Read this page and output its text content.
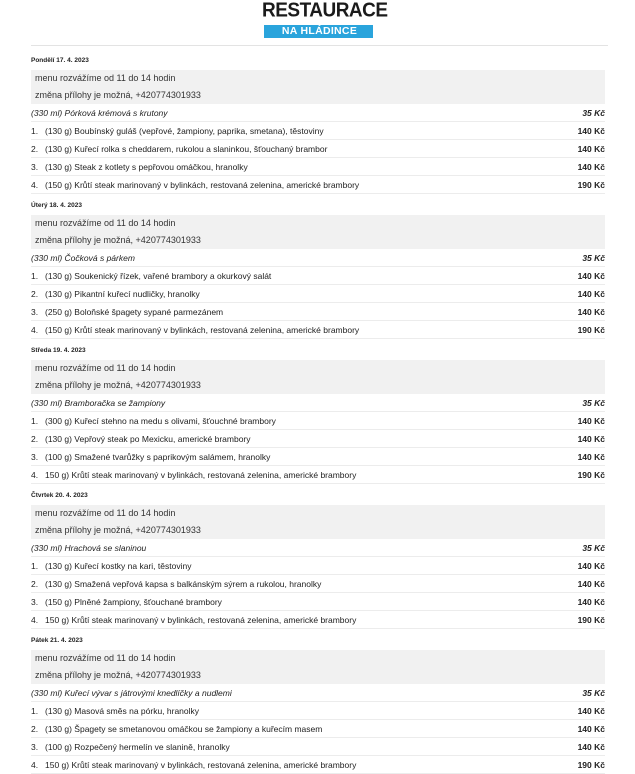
RESTAURACE
NA HLÁDINCE
Pondělí 17. 4. 2023
menu rozvážíme od 11 do 14 hodin
změna přílohy je možná, +420774301933
(330 ml) Pórková krémová s krutony	35 Kč
1. (130 g) Boubínský guláš (vepřové, žampiony, paprika, smetana), těstoviny	140 Kč
2. (130 g) Kuřecí rolka s cheddarem, rukolou a slaninkou, šťouchaný brambor	140 Kč
3. (130 g) Steak z kotlety s pepřovou omáčkou, hranolky	140 Kč
4. (150 g) Krůtí steak marinovaný v bylinkách, restovaná zelenina, americké brambory	190 Kč
Úterý 18. 4. 2023
menu rozvážíme od 11 do 14 hodin
změna přílohy je možná, +420774301933
(330 ml) Čočková s párkem	35 Kč
1. (130 g) Soukenický řízek, vařené brambory a okurkový salát	140 Kč
2. (130 g) Pikantní kuřecí nudličky, hranolky	140 Kč
3. (250 g) Boloňské špagety sypané parmezánem	140 Kč
4. (150 g) Krůtí steak marinovaný v bylinkách, restovaná zelenina, americké brambory	190 Kč
Středa 19. 4. 2023
menu rozvážíme od 11 do 14 hodin
změna přílohy je možná, +420774301933
(330 ml) Bramboračka se žampiony	35 Kč
1. (300 g) Kuřecí stehno na medu s olivami, šťouchné brambory	140 Kč
2. (130 g) Vepřový steak po Mexicku, americké brambory	140 Kč
3. (100 g) Smažené tvarůžky s paprikovým salámem, hranolky	140 Kč
4. 150 g) Krůtí steak marinovaný v bylinkách, restovaná zelenina, americké brambory	190 Kč
Čtvrtek 20. 4. 2023
menu rozvážíme od 11 do 14 hodin
změna přílohy je možná, +420774301933
(330 ml) Hrachová se slaninou	35 Kč
1. (130 g) Kuřecí kostky na kari, těstoviny	140 Kč
2. (130 g) Smažená vepřová kapsa s balkánským sýrem a rukolou, hranolky	140 Kč
3. (150 g) Plněné žampiony, šťouchané brambory	140 Kč
4. 150 g) Krůtí steak marinovaný v bylinkách, restovaná zelenina, americké brambory	190 Kč
Pátek 21. 4. 2023
menu rozvážíme od 11 do 14 hodin
změna přílohy je možná, +420774301933
(330 ml) Kuřecí vývar s játrovými knedlíčky a nudlemi	35 Kč
1. (130 g) Masová směs na pórku, hranolky	140 Kč
2. (130 g) Špagety se smetanovou omáčkou se žampiony a kuřecím masem	140 Kč
3. (100 g) Rozpečený hermelín ve slanině, hranolky	140 Kč
4. 150 g) Krůtí steak marinovaný v bylinkách, restovaná zelenina, americké brambory	190 Kč
